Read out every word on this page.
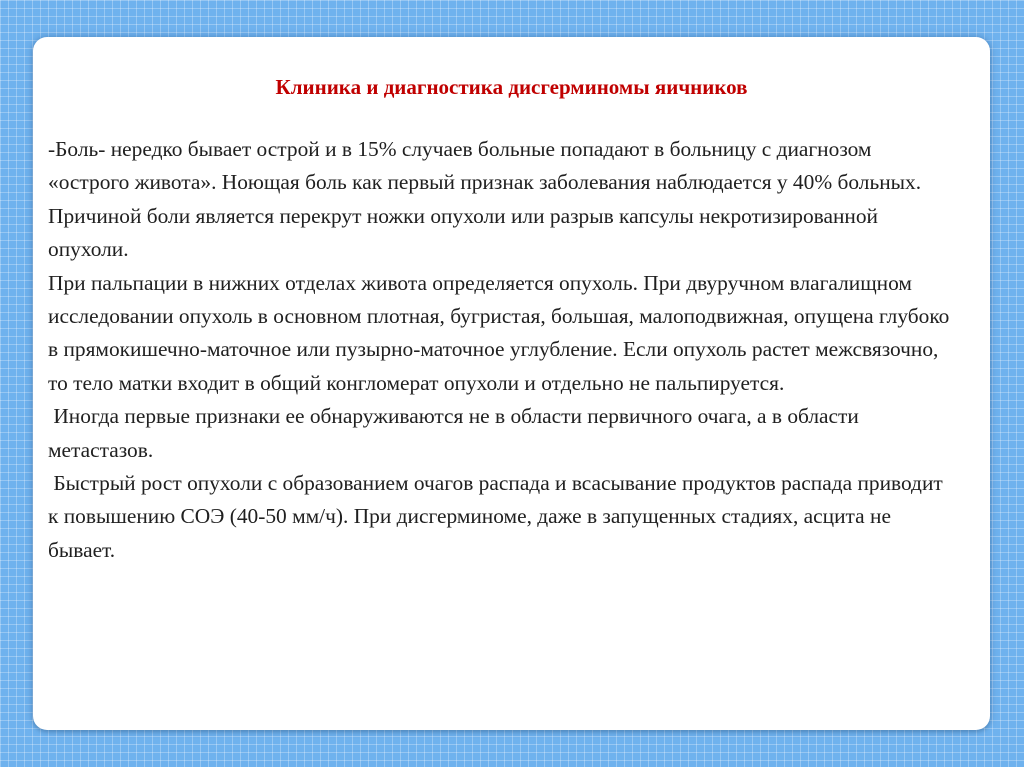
Клиника и диагностика дисгерминомы яичников
-Боль- нередко бывает острой и в 15% случаев больные попадают в больницу с диагнозом «острого живота». Ноющая боль как первый признак заболевания наблюдается у 40% больных. Причиной боли является перекрут ножки опухоли или разрыв капсулы некротизированной опухоли.
При пальпации в нижних отделах живота определяется опухоль. При двуручном влагалищном исследовании опухоль в основном плотная, бугристая, большая, малоподвижная, опущена глубоко в прямокишечно-маточное или пузырно-маточное углубление. Если опухоль растет межсвязочно, то тело матки входит в общий конгломерат опухоли и отдельно не пальпируется.
Иногда первые признаки ее обнаруживаются не в области первичного очага, а в области метастазов.
Быстрый рост опухоли с образованием очагов распада и всасывание продуктов распада приводит к повышению СОЭ (40-50 мм/ч). При дисгерминоме, даже в запущенных стадиях, асцита не бывает.
